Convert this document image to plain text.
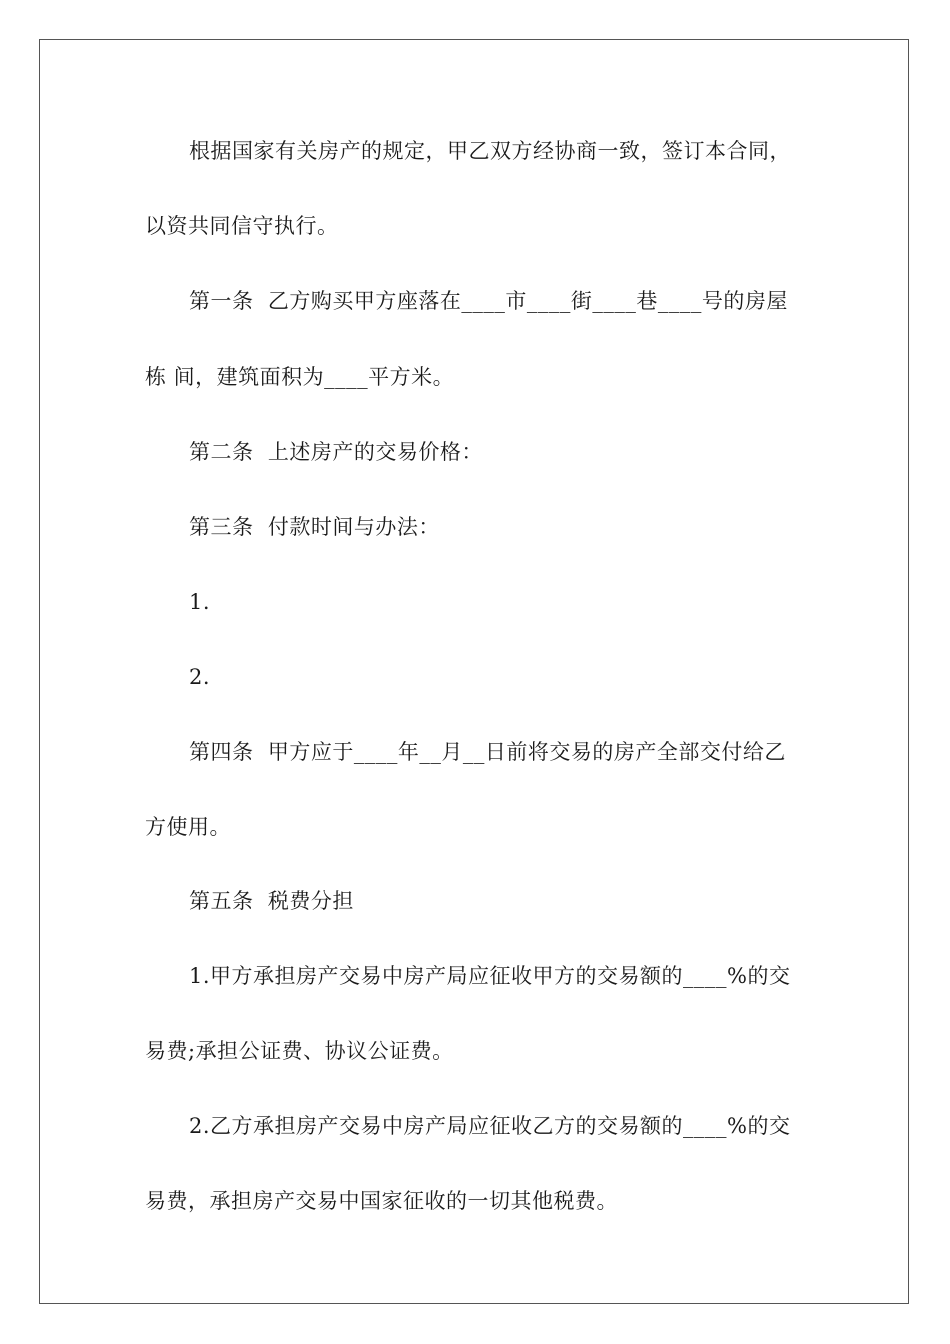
根据国家有关房产的规定，甲乙双方经协商一致，签订本合同，
以资共同信守执行。
第一条  乙方购买甲方座落在____市____街____巷____号的房屋
栋 间，建筑面积为____平方米。
第二条  上述房产的交易价格：
第三条  付款时间与办法：
1.
2.
第四条  甲方应于____年__月__日前将交易的房产全部交付给乙
方使用。
第五条  税费分担
1.甲方承担房产交易中房产局应征收甲方的交易额的____%的交
易费;承担公证费、协议公证费。
2.乙方承担房产交易中房产局应征收乙方的交易额的____%的交
易费，承担房产交易中国家征收的一切其他税费。
